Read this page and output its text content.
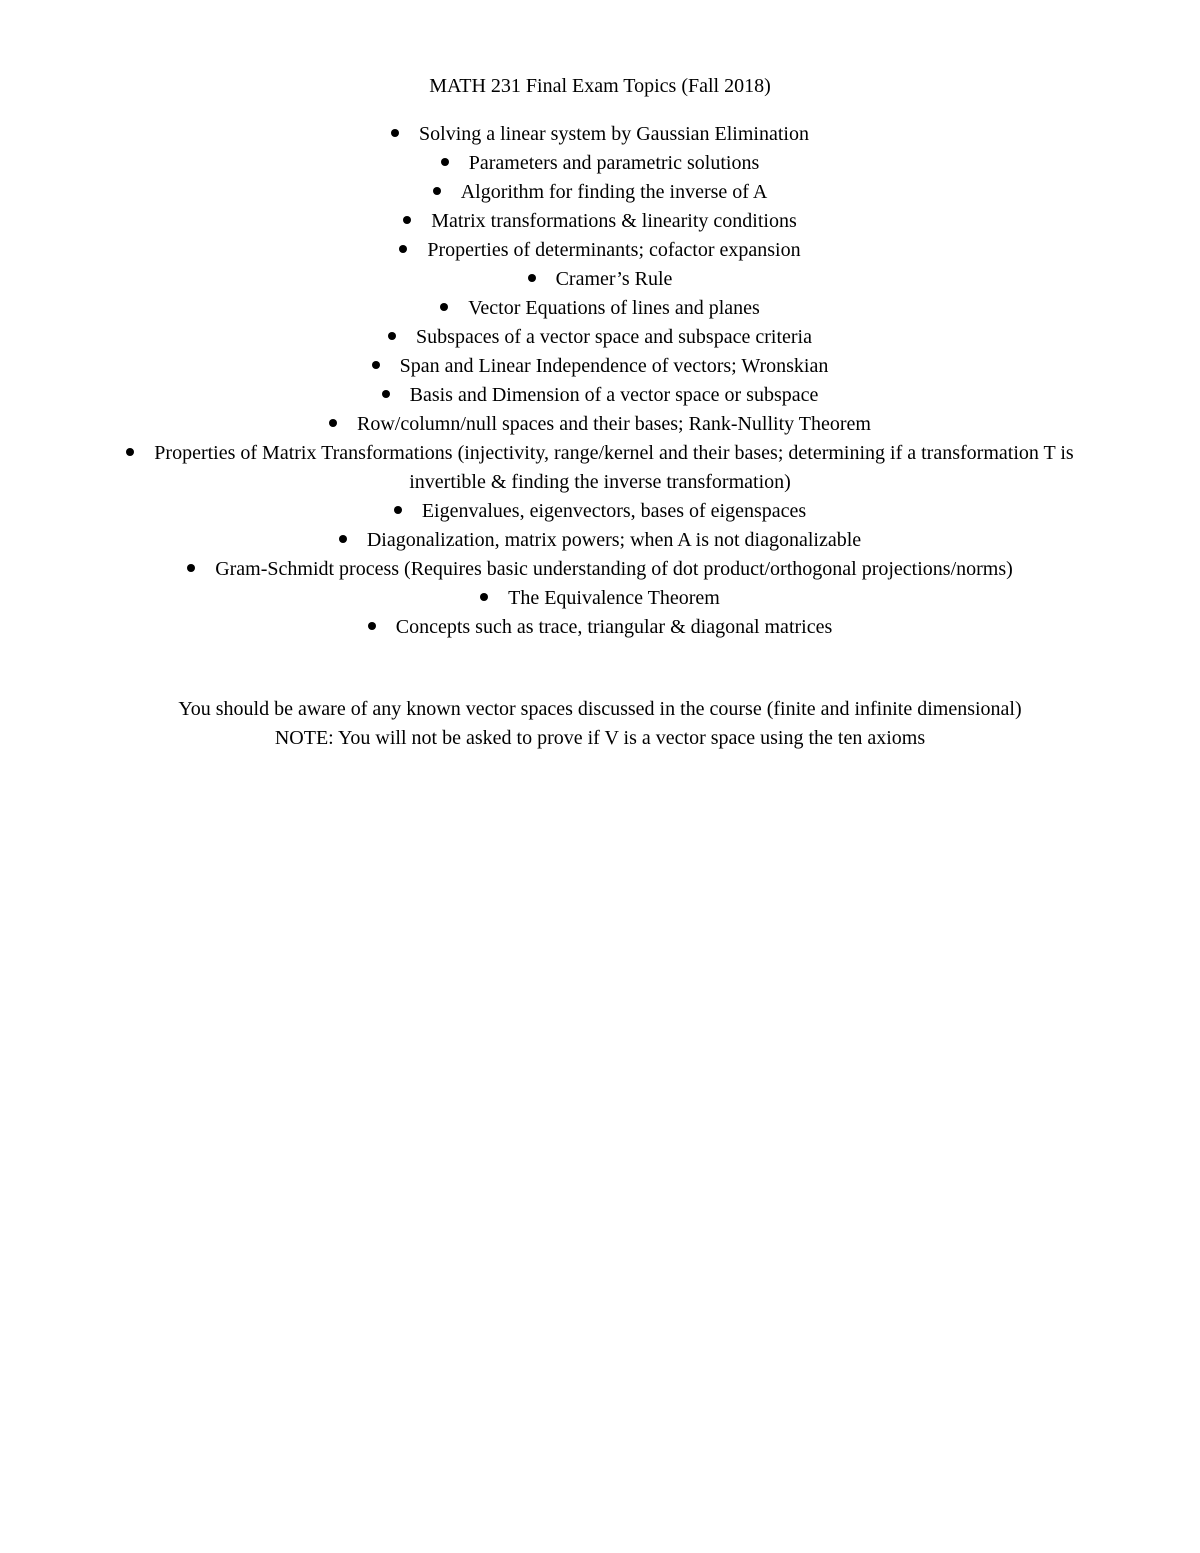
MATH 231 Final Exam Topics (Fall 2018)
Solving a linear system by Gaussian Elimination
Parameters and parametric solutions
Algorithm for finding the inverse of A
Matrix transformations & linearity conditions
Properties of determinants; cofactor expansion
Cramer’s Rule
Vector Equations of lines and planes
Subspaces of a vector space and subspace criteria
Span and Linear Independence of vectors; Wronskian
Basis and Dimension of a vector space or subspace
Row/column/null spaces and their bases; Rank-Nullity Theorem
Properties of Matrix Transformations (injectivity, range/kernel and their bases; determining if a transformation T is invertible & finding the inverse transformation)
Eigenvalues, eigenvectors, bases of eigenspaces
Diagonalization, matrix powers; when A is not diagonalizable
Gram-Schmidt process (Requires basic understanding of dot product/orthogonal projections/norms)
The Equivalence Theorem
Concepts such as trace, triangular & diagonal matrices

You should be aware of any known vector spaces discussed in the course (finite and infinite dimensional)

NOTE: You will not be asked to prove if V is a vector space using the ten axioms
